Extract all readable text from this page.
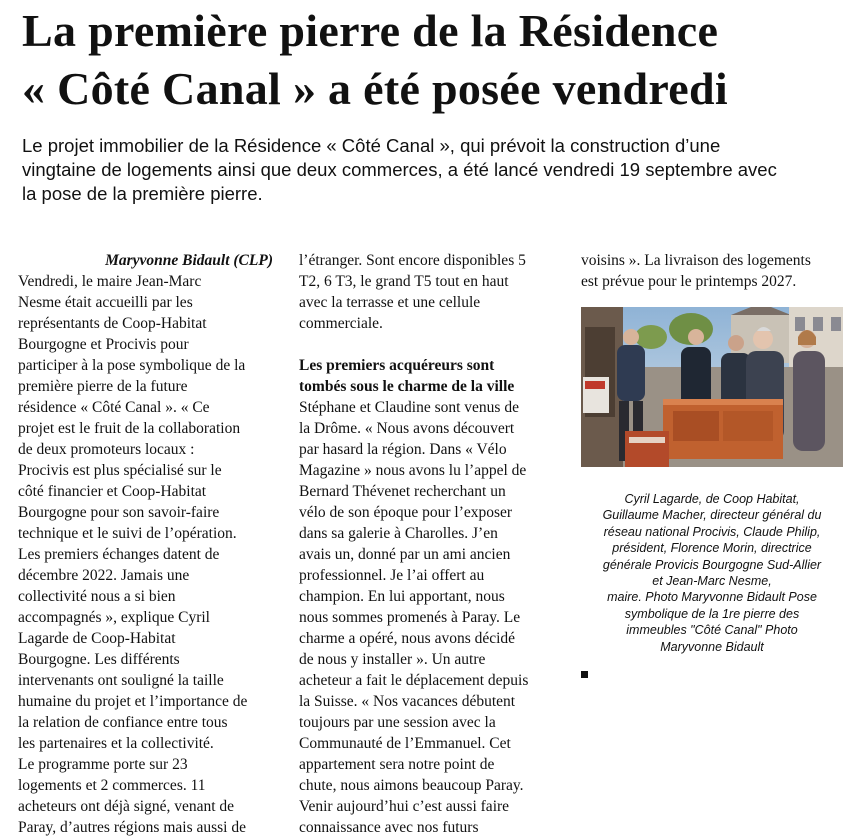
La première pierre de la Résidence
« Côté Canal » a été posée vendredi
Le projet immobilier de la Résidence « Côté Canal », qui prévoit la construction d’une
vingtaine de logements ainsi que deux commerces, a été lancé vendredi 19 septembre avec
la pose de la première pierre.
Maryvonne Bidault (CLP)
Vendredi, le maire Jean-Marc
Nesme était accueilli par les
représentants de Coop-Habitat
Bourgogne et Procivis pour
participer à la pose symbolique de la
première pierre de la future
résidence « Côté Canal ». « Ce
projet est le fruit de la collaboration
de deux promoteurs locaux :
Procivis est plus spécialisé sur le
côté financier et Coop-Habitat
Bourgogne pour son savoir-faire
technique et le suivi de l’opération.
Les premiers échanges datent de
décembre 2022. Jamais une
collectivité nous a si bien
accompagnés », explique Cyril
Lagarde de Coop-Habitat
Bourgogne. Les différents
intervenants ont souligné la taille
humaine du projet et l’importance de
la relation de confiance entre tous
les partenaires et la collectivité.
Le programme porte sur 23
logements et 2 commerces. 11
acheteurs ont déjà signé, venant de
Paray, d’autres régions mais aussi de
l’étranger. Sont encore disponibles 5
T2, 6 T3, le grand T5 tout en haut
avec la terrasse et une cellule
commerciale.
Les premiers acquéreurs sont
tombés sous le charme de la ville
Stéphane et Claudine sont venus de
la Drôme. « Nous avons découvert
par hasard la région. Dans « Vélo
Magazine » nous avons lu l’appel de
Bernard Thévenet recherchant un
vélo de son époque pour l’exposer
dans sa galerie à Charolles. J’en
avais un, donné par un ami ancien
professionnel. Je l’ai offert au
champion. En lui apportant, nous
nous sommes promenés à Paray. Le
charme a opéré, nous avons décidé
de nous y installer ». Un autre
acheteur a fait le déplacement depuis
la Suisse. « Nos vacances débutent
toujours par une session avec la
Communauté de l’Emmanuel. Cet
appartement sera notre point de
chute, nous aimons beaucoup Paray.
Venir aujourd’hui c’est aussi faire
connaissance avec nos futurs
voisins ». La livraison des logements
est prévue pour le printemps 2027.
Cyril Lagarde, de Coop Habitat,
Guillaume Macher, directeur général du
réseau national Procivis, Claude Philip,
président, Florence Morin, directrice
générale Provicis Bourgogne Sud-Allier
et Jean-Marc Nesme,
maire. Photo Maryvonne Bidault Pose
symbolique de la 1re pierre des
immeubles "Côté Canal" Photo
Maryvonne Bidault
